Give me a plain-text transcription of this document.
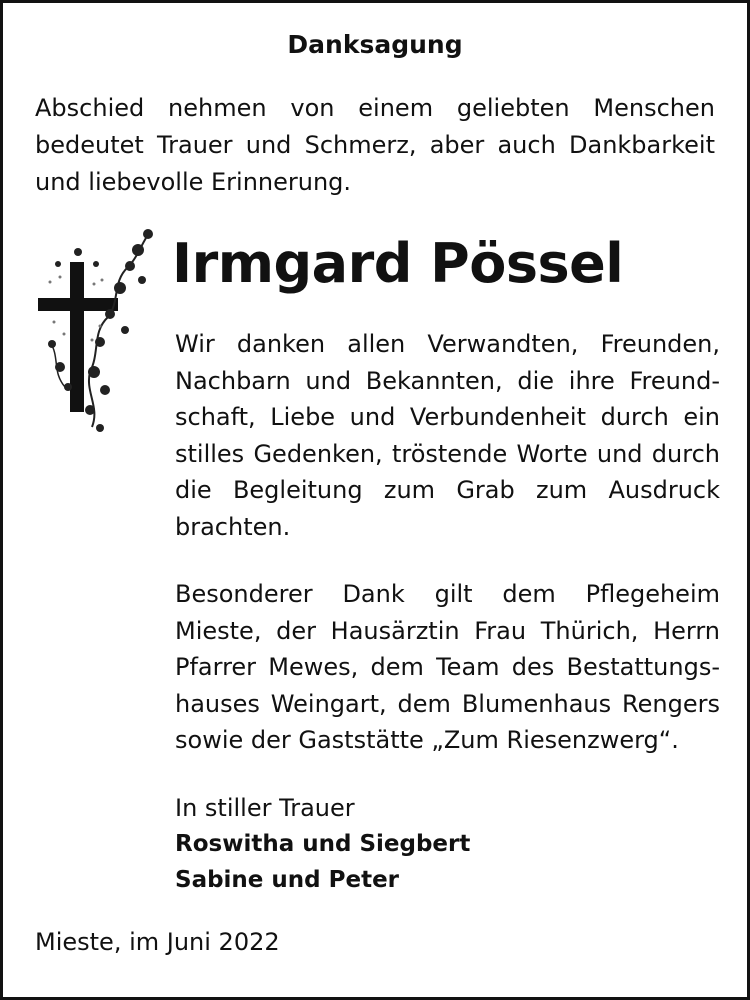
Danksagung
Abschied nehmen von einem geliebten Menschen bedeutet Trauer und Schmerz, aber auch Dankbarkeit und liebevolle Erinnerung.
Irmgard Pössel
Wir danken allen Verwandten, Freunden, Nachbarn und Bekannten, die ihre Freundschaft, Liebe und Verbundenheit durch ein stilles Gedenken, tröstende Worte und durch die Begleitung zum Grab zum Ausdruck brachten.
Besonderer Dank gilt dem Pflegeheim Mieste, der Hausärztin Frau Thürich, Herrn Pfarrer Mewes, dem Team des Bestattungshauses Weingart, dem Blumenhaus Rengers sowie der Gaststätte „Zum Riesenzwerg“.
In stiller Trauer
Roswitha und Siegbert
Sabine und Peter
Mieste, im Juni 2022
